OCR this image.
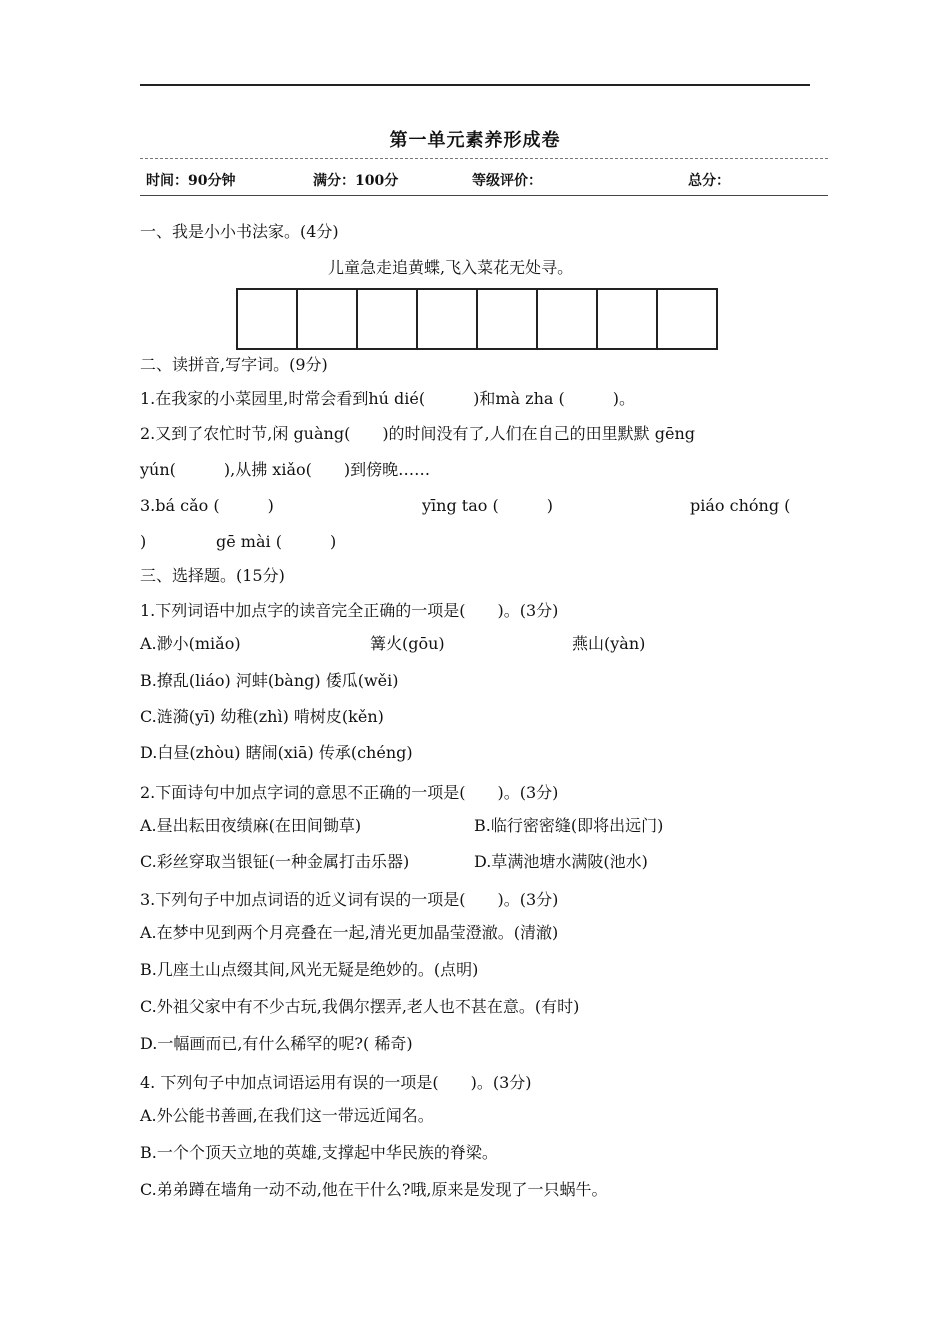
第一单元素养形成卷
时间：90分钟	满分：100分	等级评价：	总分：
一、我是小小书法家。(4分)
儿童急走追黄蝶,飞入菜花无处寻。
二、读拼音,写字词。(9分)
1.在我家的小菜园里,时常会看到hú dié(　　　)和mà zha (　　　)。
2.又到了农忙时节,闲 guàng(　　)的时间没有了,人们在自己的田里默默 gēng
yún(　　　),从拂 xiǎo(　　)到傍晚……
3.bá cǎo (　　　)	yīng tao (　　　)	piáo chóng (
)	gē mài (　　　)
三、选择题。(15分)
1.下列词语中加点字的读音完全正确的一项是(　　)。(3分)
A.渺小(miǎo)	篝火(gōu)	燕山(yàn)
B.撩乱(liáo) 河蚌(bàng) 倭瓜(wěi)
C.涟漪(yī) 幼稚(zhì) 啃树皮(kěn)
D.白昼(zhòu) 瞎闹(xiā) 传承(chéng)
2.下面诗句中加点字词的意思不正确的一项是(　　)。(3分)
A.昼出耘田夜绩麻(在田间锄草)	B.临行密密缝(即将出远门)
C.彩丝穿取当银钲(一种金属打击乐器)	D.草满池塘水满陂(池水)
3.下列句子中加点词语的近义词有误的一项是(　　)。(3分)
A.在梦中见到两个月亮叠在一起,清光更加晶莹澄澈。(清澈)
B.几座土山点缀其间,风光无疑是绝妙的。(点明)
C.外祖父家中有不少古玩,我偶尔摆弄,老人也不甚在意。(有时)
D.一幅画而已,有什么稀罕的呢?( 稀奇)
4. 下列句子中加点词语运用有误的一项是(　　)。(3分)
A.外公能书善画,在我们这一带远近闻名。
B.一个个顶天立地的英雄,支撑起中华民族的脊梁。
C.弟弟蹲在墙角一动不动,他在干什么?哦,原来是发现了一只蜗牛。
